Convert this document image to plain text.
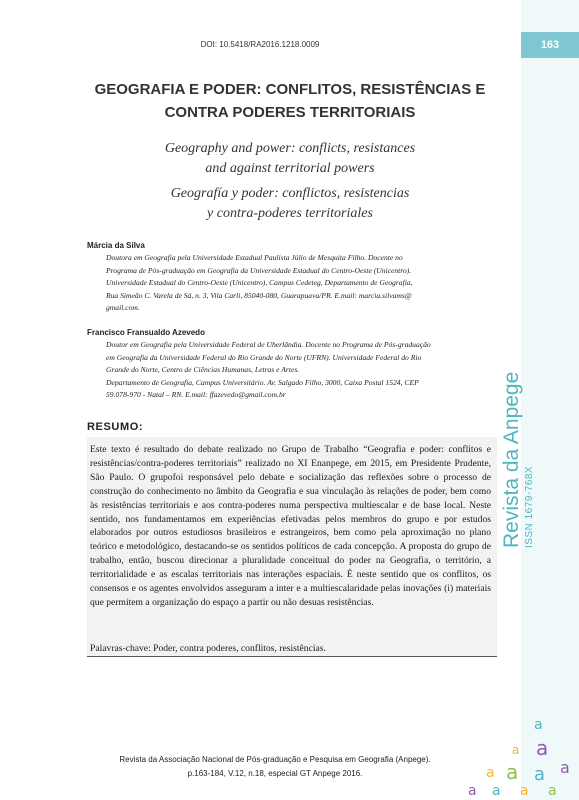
163
Revista da Anpege ISSN 1679-768X
a
a a
a a a a
a a a a
DOI: 10.5418/RA2016.1218.0009
GEOGRAFIA E PODER: CONFLITOS, RESISTÊNCIAS E
CONTRA PODERES TERRITORIAIS
Geography and power: conflicts, resistances
and against territorial powers
Geografía y poder: conflictos, resistencias
y contra-poderes territoriales
Márcia da Silva

Doutora em Geografia pela Universidade Estadual Paulista Júlio de Mesquita Filho. Docente no

Programa de Pós-graduação em Geografia da Universidade Estadual do Centro-Oeste (Unicentro).

Universidade Estadual do Centro-Oeste (Unicentro), Campus Cedeteg, Departamento de Geografia,

Rua Simeão C. Varela de Sá, n. 3, Vila Carli, 85040-080, Guarapuava/PR. E.mail: marcia.silvams@

gmail.com.

Francisco Fransualdo Azevedo

Doutor em Geografia pela Universidade Federal de Uberlândia. Docente no Programa de Pós-graduação

em Geografia da Universidade Federal do Rio Grande do Norte (UFRN). Universidade Federal do Rio

Grande do Norte, Centro de Ciências Humanas, Letras e Artes.

Departamento de Geografia, Campus Universitário. Av. Salgado Filho, 3000, Caixa Postal 1524, CEP

59.078-970 - Natal – RN. E.mail: ffazevedo@gmail.com.br

RESUMO:

Este texto é resultado do debate realizado no Grupo de Trabalho “Geografia e poder: conflitos e resistências/contra-poderes territoriais” realizado no XI Enanpege, em 2015, em Presidente Prudente, São Paulo. O grupofoi responsável pelo debate e socialização das reflexões sobre o processo de construção do conhecimento no âmbito da Geografia e sua vinculação às relações de poder, bem como às resistências territoriais e aos contra-poderes numa perspectiva multiescalar e de base local. Neste sentido, nos fundamentamos em experiências efetivadas pelos membros do grupo e por estudos elaborados por outros estudiosos brasileiros e estrangeiros, bem como pela aproximação no plano teórico e metodológico, destacando-se os sentidos políticos de cada concepção. A proposta do grupo de trabalho, então, buscou direcionar a pluralidade conceitual do poder na Geografia, o território, a territorialidade e as escalas territoriais nas interações espaciais. É neste sentido que os conflitos, os consensos e os agentes envolvidos asseguram a inter e a multiescalaridade pelas inovações (i) materiais que permitem a organização do espaço a partir ou não desuas resistências.

Palavras-chave: Poder, contra poderes, conflitos, resistências.
Revista da Associação Nacional de Pós-graduação e Pesquisa em Geografia (Anpege).
p.163-184, V.12, n.18, especial GT Anpege 2016.
